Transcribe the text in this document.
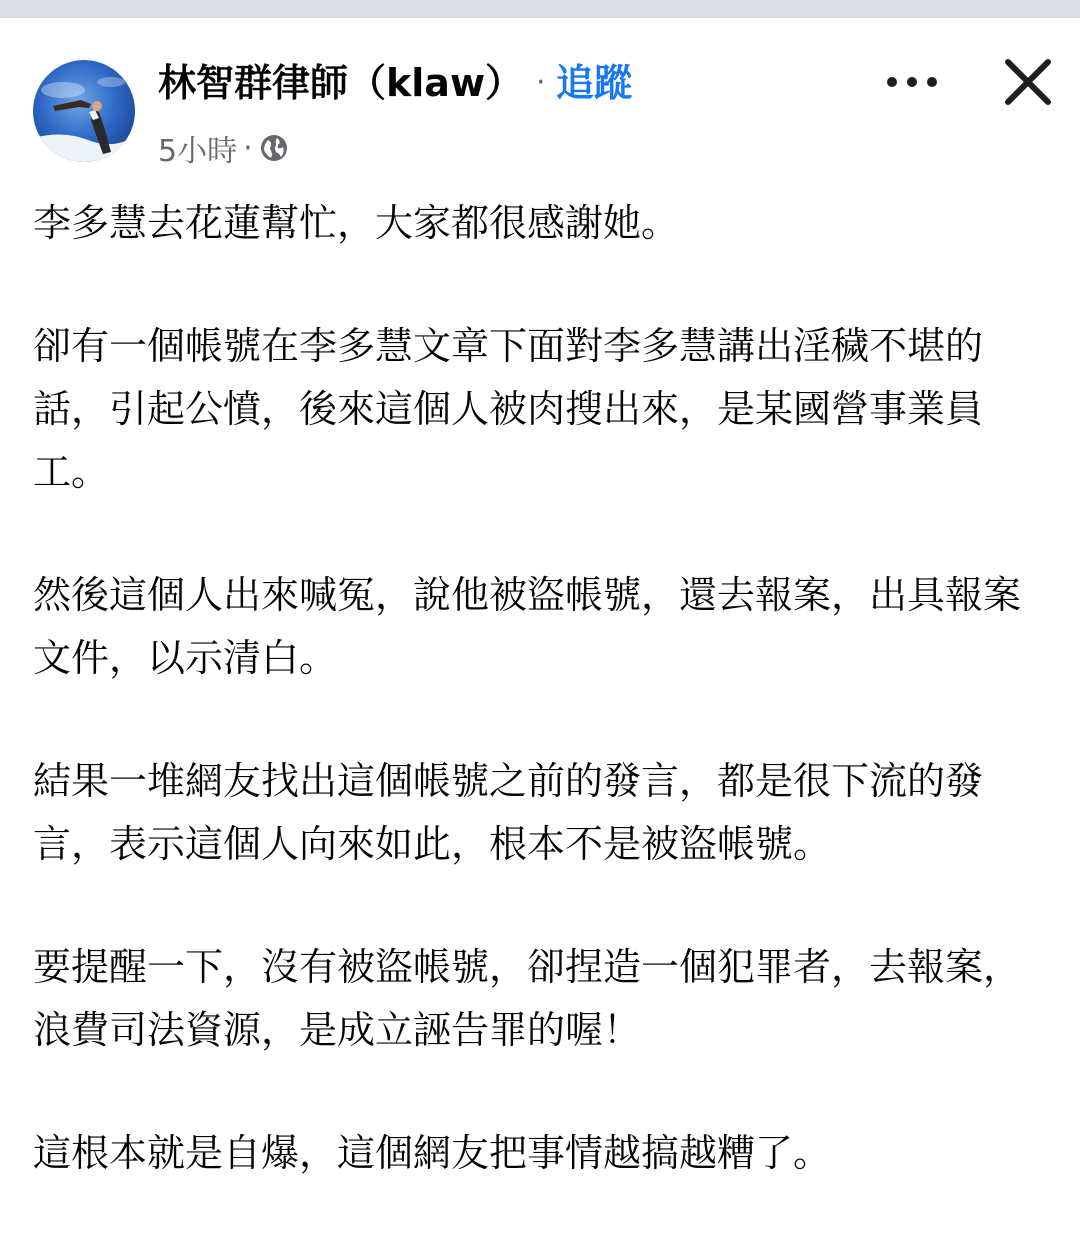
林智群律師（klaw） · 追蹤
5小時 ·

李多慧去花蓮幫忙，大家都很感謝她。

卻有一個帳號在李多慧文章下面對李多慧講出淫穢不堪的話，引起公憤，後來這個人被肉搜出來，是某國營事業員工。

然後這個人出來喊冤，說他被盜帳號，還去報案，出具報案文件，以示清白。

結果一堆網友找出這個帳號之前的發言，都是很下流的發言，表示這個人向來如此，根本不是被盜帳號。

要提醒一下，沒有被盜帳號，卻捏造一個犯罪者，去報案，浪費司法資源，是成立誣告罪的喔！

這根本就是自爆，這個網友把事情越搞越糟了。
